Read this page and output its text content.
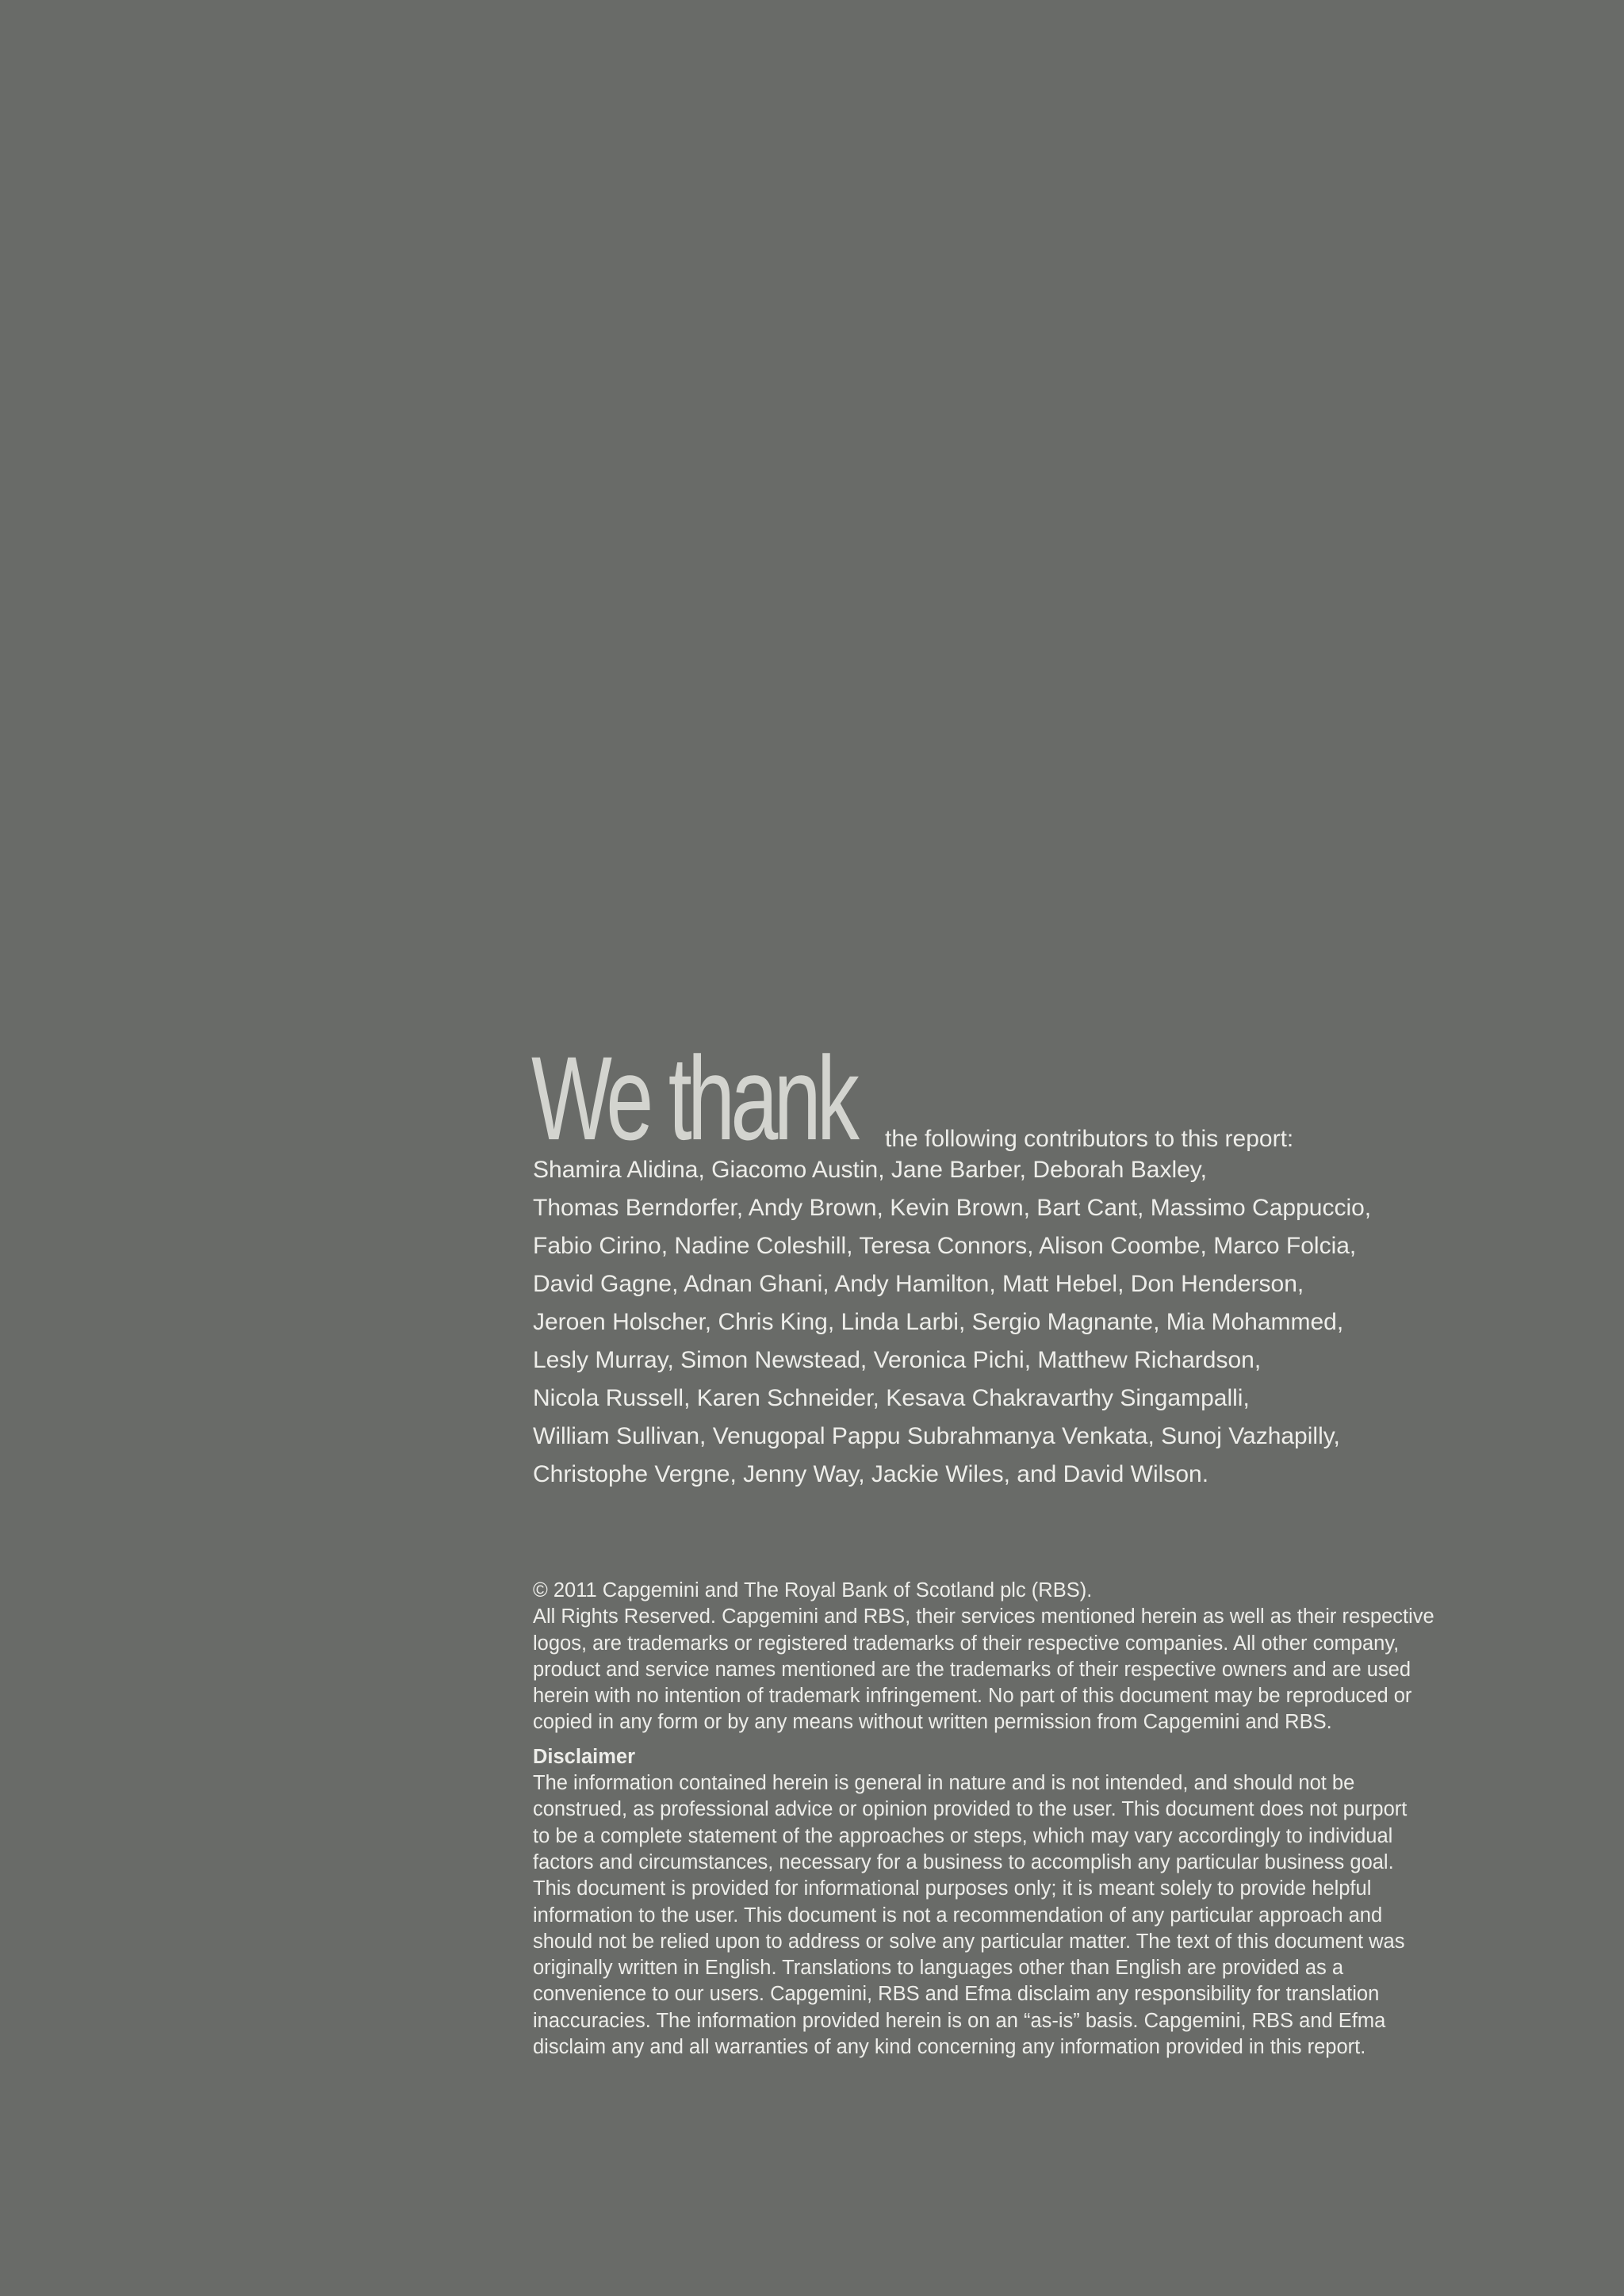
We thank the following contributors to this report:
Shamira Alidina, Giacomo Austin, Jane Barber, Deborah Baxley,
Thomas Berndorfer, Andy Brown, Kevin Brown, Bart Cant, Massimo Cappuccio,
Fabio Cirino, Nadine Coleshill, Teresa Connors, Alison Coombe, Marco Folcia,
David Gagne, Adnan Ghani, Andy Hamilton, Matt Hebel, Don Henderson,
Jeroen Holscher, Chris King, Linda Larbi, Sergio Magnante, Mia Mohammed,
Lesly Murray, Simon Newstead, Veronica Pichi, Matthew Richardson,
Nicola Russell, Karen Schneider, Kesava Chakravarthy Singampalli,
William Sullivan, Venugopal Pappu Subrahmanya Venkata, Sunoj Vazhapilly,
Christophe Vergne, Jenny Way, Jackie Wiles, and David Wilson.
© 2011 Capgemini and The Royal Bank of Scotland plc (RBS).
All Rights Reserved. Capgemini and RBS, their services mentioned herein as well as their respective
logos, are trademarks or registered trademarks of their respective companies. All other company,
product and service names mentioned are the trademarks of their respective owners and are used
herein with no intention of trademark infringement. No part of this document may be reproduced or
copied in any form or by any means without written permission from Capgemini and RBS.
Disclaimer
The information contained herein is general in nature and is not intended, and should not be
construed, as professional advice or opinion provided to the user. This document does not purport
to be a complete statement of the approaches or steps, which may vary accordingly to individual
factors and circumstances, necessary for a business to accomplish any particular business goal.
This document is provided for informational purposes only; it is meant solely to provide helpful
information to the user. This document is not a recommendation of any particular approach and
should not be relied upon to address or solve any particular matter. The text of this document was
originally written in English. Translations to languages other than English are provided as a
convenience to our users. Capgemini, RBS and Efma disclaim any responsibility for translation
inaccuracies. The information provided herein is on an “as-is” basis. Capgemini, RBS and Efma
disclaim any and all warranties of any kind concerning any information provided in this report.
